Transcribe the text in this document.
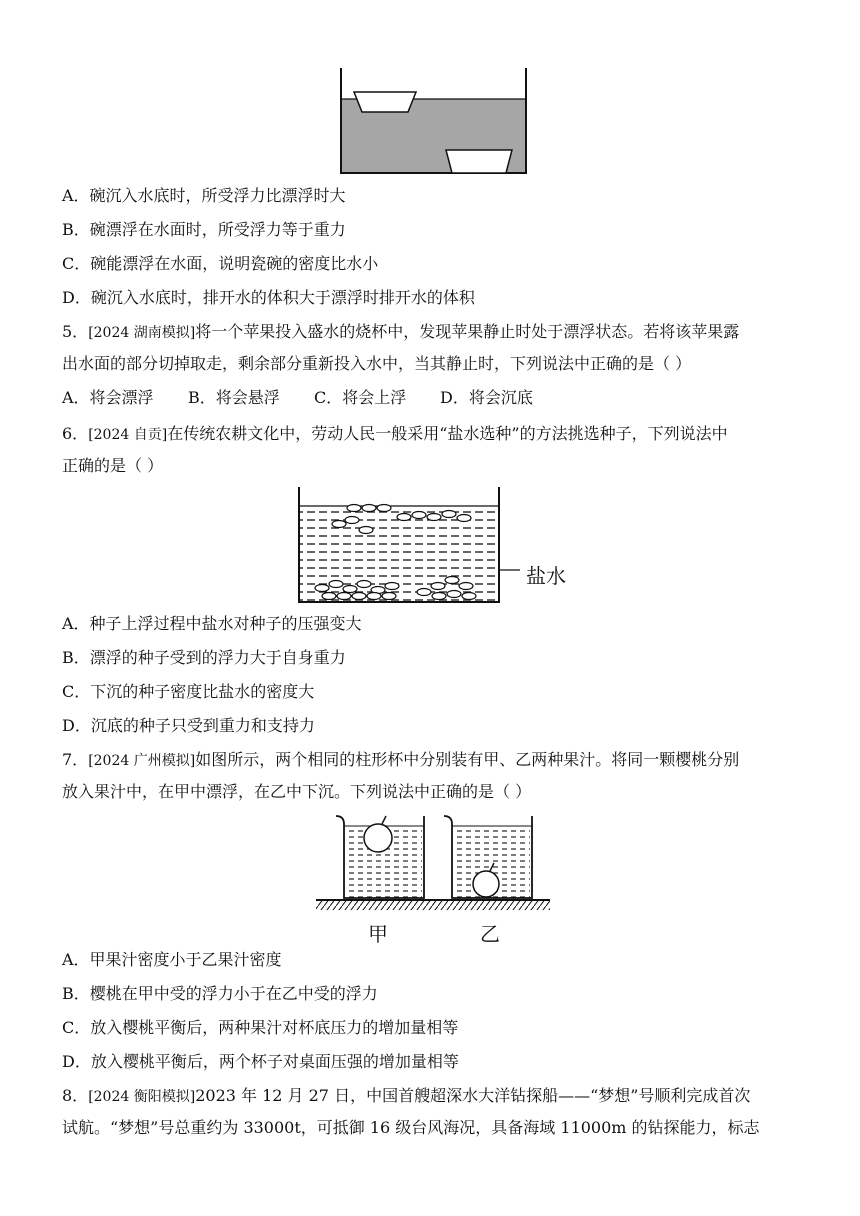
A．碗沉入水底时，所受浮力比漂浮时大
B．碗漂浮在水面时，所受浮力等于重力
C．碗能漂浮在水面，说明瓷碗的密度比水小
D．碗沉入水底时，排开水的体积大于漂浮时排开水的体积
5．[2024 湖南模拟]将一个苹果投入盛水的烧杯中，发现苹果静止时处于漂浮状态。若将该苹果露
出水面的部分切掉取走，剩余部分重新投入水中，当其静止时，下列说法中正确的是（ ）
A．将会漂浮 B．将会悬浮 C．将会上浮 D．将会沉底
6．[2024 自贡]在传统农耕文化中，劳动人民一般采用“盐水选种”的方法挑选种子，下列说法中
正确的是（ ）
盐水
A．种子上浮过程中盐水对种子的压强变大
B．漂浮的种子受到的浮力大于自身重力
C．下沉的种子密度比盐水的密度大
D．沉底的种子只受到重力和支持力
7．[2024 广州模拟]如图所示，两个相同的柱形杯中分别装有甲、乙两种果汁。将同一颗樱桃分别
放入果汁中，在甲中漂浮，在乙中下沉。下列说法中正确的是（ ）
甲	乙
A．甲果汁密度小于乙果汁密度
B．樱桃在甲中受的浮力小于在乙中受的浮力
C．放入樱桃平衡后，两种果汁对杯底压力的增加量相等
D．放入樱桃平衡后，两个杯子对桌面压强的增加量相等
8．[2024 衡阳模拟]2023 年 12 月 27 日，中国首艘超深水大洋钻探船——“梦想”号顺利完成首次
试航。“梦想”号总重约为 33000t，可抵御 16 级台风海况，具备海域 11000m 的钻探能力，标志
